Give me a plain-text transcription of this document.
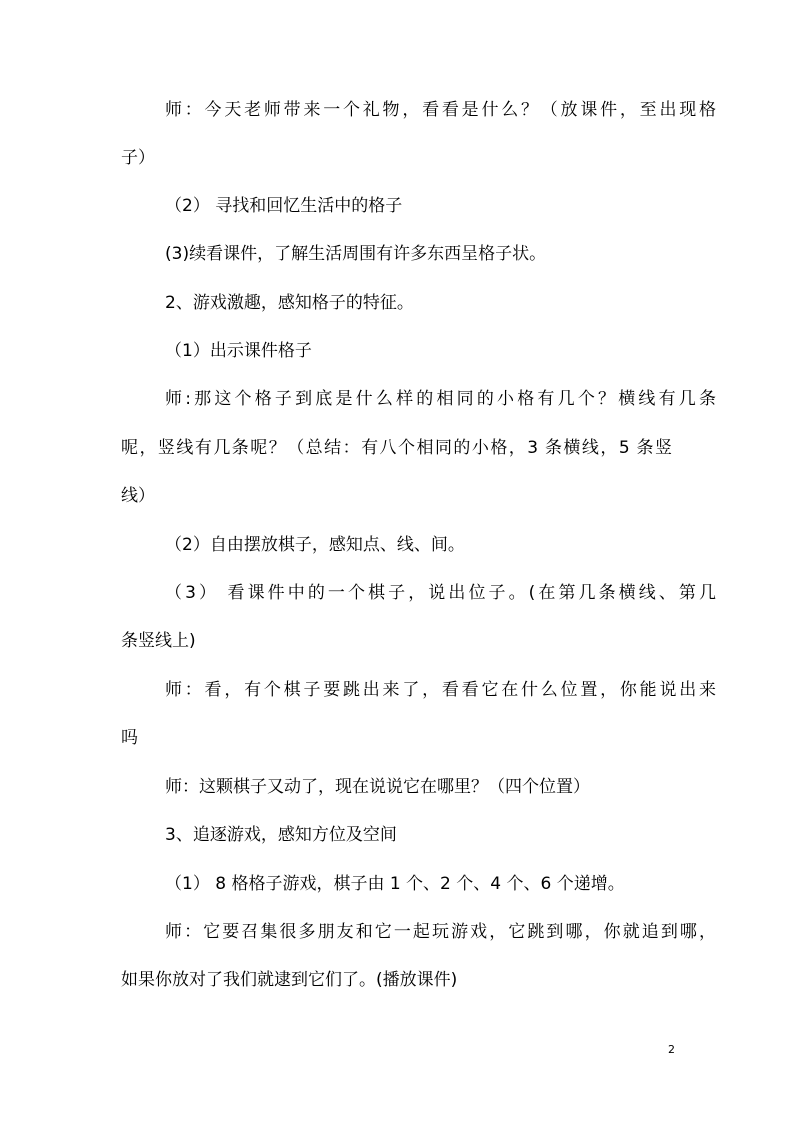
师：今天老师带来一个礼物，看看是什么？（放课件，至出现格

子）

（2） 寻找和回忆生活中的格子

(3)续看课件，了解生活周围有许多东西呈格子状。

2、游戏激趣，感知格子的特征。

（1）出示课件格子

师:那这个格子到底是什么样的相同的小格有几个？横线有几条

呢，竖线有几条呢？（总结：有八个相同的小格，3 条横线，5 条竖

线）

（2）自由摆放棋子，感知点、线、间。

（3） 看课件中的一个棋子，说出位子。(在第几条横线、第几

条竖线上)

师：看，有个棋子要跳出来了，看看它在什么位置，你能说出来

吗

师：这颗棋子又动了，现在说说它在哪里？（四个位置）

3、追逐游戏，感知方位及空间

（1） 8 格格子游戏，棋子由 1 个、2 个、4 个、6 个递增。

师：它要召集很多朋友和它一起玩游戏，它跳到哪，你就追到哪，

如果你放对了我们就逮到它们了。(播放课件)

2
